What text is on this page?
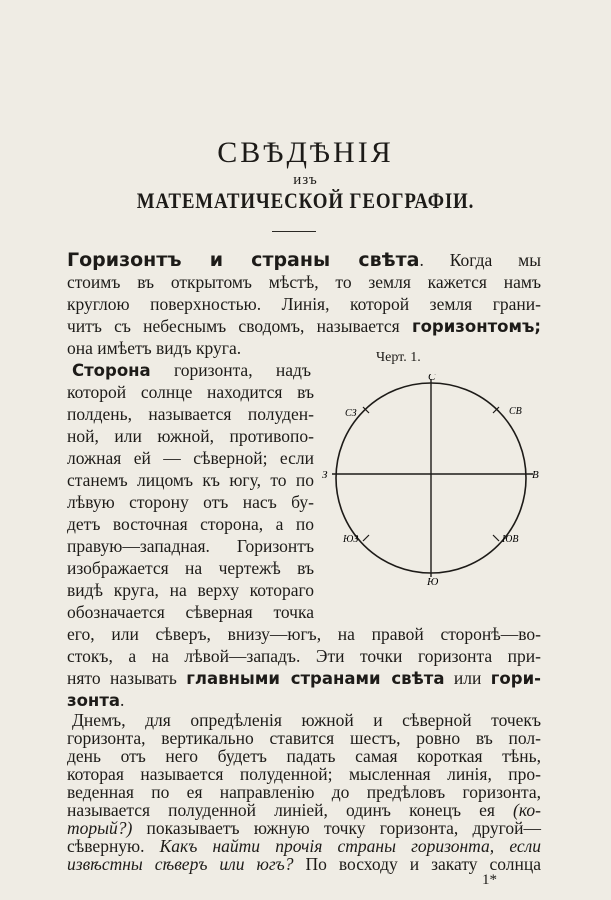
СВѢДѢНІЯ
изъ
МАТЕМАТИЧЕСКОЙ ГЕОГРАФІИ.
Горизонтъ и страны свѣта. Когда мы
стоимъ въ открытомъ мѣстѣ, то земля кажется намъ
круглою поверхностью. Линія, которой земля грани-
читъ съ небеснымъ сводомъ, называется горизонтомъ;
она имѣетъ видъ круга.
Сторона горизонта, надъ
которой солнце находится въ
полдень, называется полуден-
ной, или южной, противопо-
ложная ей — сѣверной; если
станемъ лицомъ къ югу, то по
лѣвую сторону отъ насъ бу-
детъ восточная сторона, а по
правую—западная. Горизонтъ
изображается на чертежѣ въ
видѣ круга, на верху котораго
обозначается сѣверная точка
его, или сѣверъ, внизу—югъ, на правой сторонѣ—во-
стокъ, а на лѣвой—западъ. Эти точки горизонта при-
нято называть главными странами свѣта или гори-
зонта.
Днемъ, для опредѣленія южной и сѣверной точекъ
горизонта, вертикально ставится шестъ, ровно въ пол-
день отъ него будетъ падать самая короткая тѣнь,
которая называется полуденной; мысленная линія, про-
веденная по ея направленію до предѣловъ горизонта,
называется полуденной линіей, одинъ конецъ ея (ко-
торый?) показываетъ южную точку горизонта, другой—
Черт. 1.
С
Ю
В
З
СВ
СЗ
ЮВ
ЮЗ
1*
сѣверную. Какъ найти прочія страны горизонта, если
извѣстны сѣверъ или югъ? По восходу и закату солнца
